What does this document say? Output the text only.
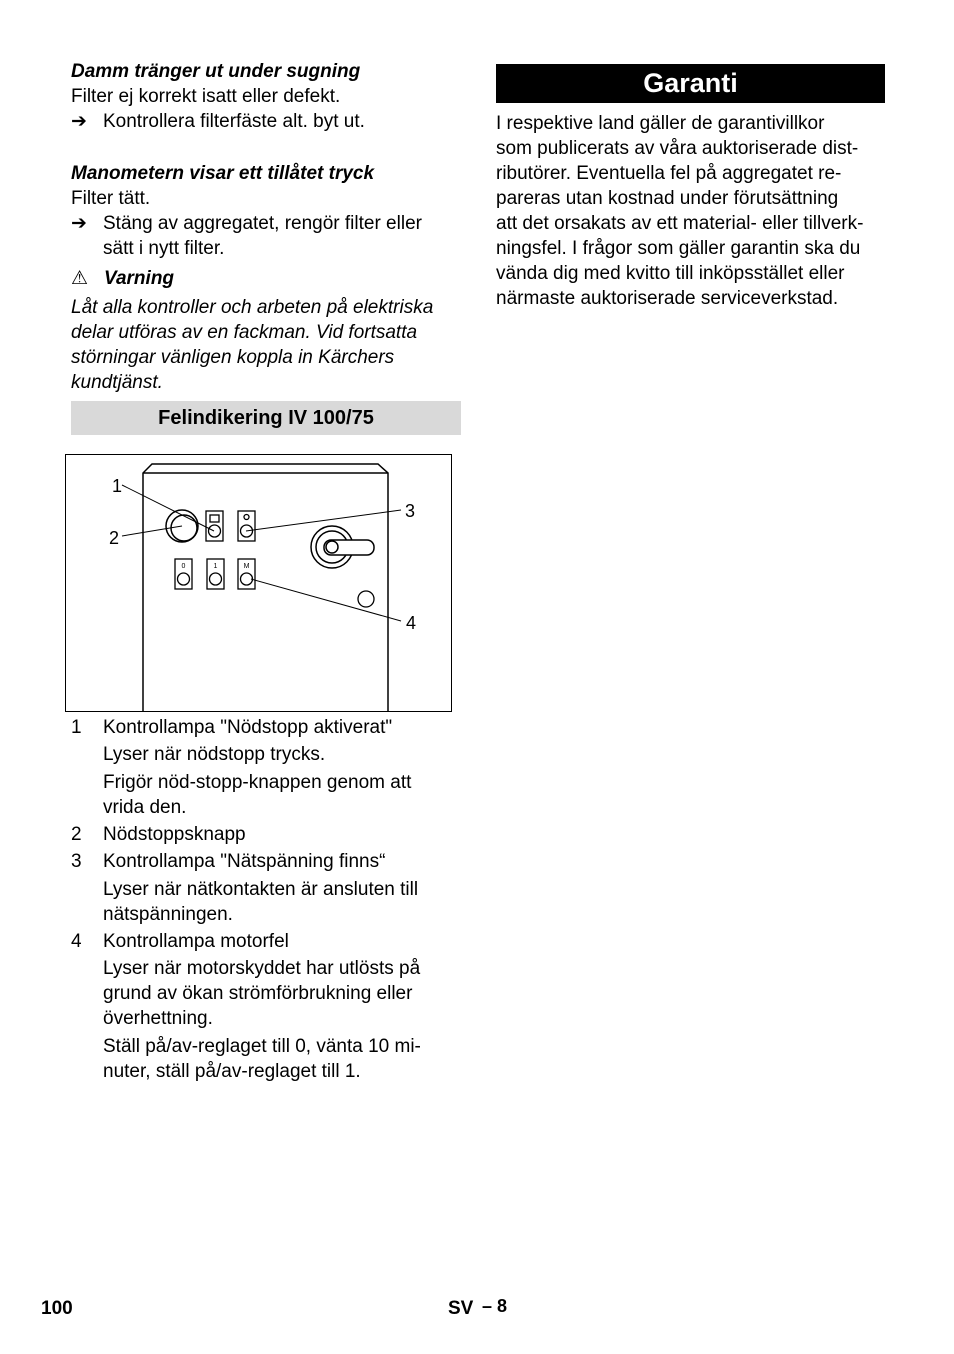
Damm tränger ut under sugning
Filter ej korrekt isatt eller defekt.
➔ Kontrollera filterfäste alt. byt ut.
Manometern visar ett tillåtet tryck
Filter tätt.
➔ Stäng av aggregatet, rengör filter eller
sätt i nytt filter.
⚠ Varning
Låt alla kontroller och arbeten på elektriska
delar utföras av en fackman. Vid fortsatta
störningar vänligen koppla in Kärchers
kundtjänst.
Felindikering IV 100/75
0	1	M
1
2
3
4
1 Kontrollampa "Nödstopp aktiverat"
Lyser när nödstopp trycks.
Frigör nöd-stopp-knappen genom att
vrida den.
2 Nödstoppsknapp
3 Kontrollampa "Nätspänning finns“
Lyser när nätkontakten är ansluten till
nätspänningen.
4 Kontrollampa motorfel
Lyser när motorskyddet har utlösts på
grund av ökan strömförbrukning eller
överhettning.
Ställ på/av-reglaget till 0, vänta 10 mi-
nuter, ställ på/av-reglaget till 1.
Garanti
I respektive land gäller de garantivillkor
som publicerats av våra auktoriserade dist-
ributörer. Eventuella fel på aggregatet re-
pareras utan kostnad under förutsättning
att det orsakats av ett material- eller tillverk-
ningsfel. I frågor som gäller garantin ska du
vända dig med kvitto till inköpsstället eller
närmaste auktoriserade serviceverkstad.
100	SV – 8
